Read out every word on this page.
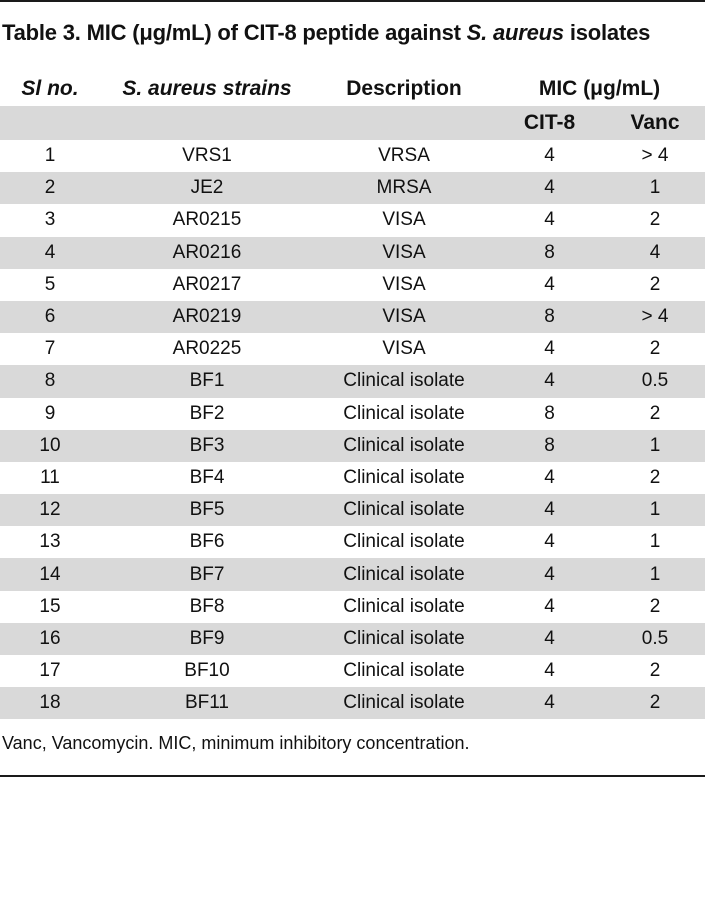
Table 3. MIC (μg/mL) of CIT-8 peptide against S. aureus isolates
Sl no.	S. aureus strains	Description	MIC (μg/mL)	
			CIT-8	Vanc
1	VRS1	VRSA	4	> 4
2	JE2	MRSA	4	1
3	AR0215	VISA	4	2
4	AR0216	VISA	8	4
5	AR0217	VISA	4	2
6	AR0219	VISA	8	> 4
7	AR0225	VISA	4	2
8	BF1	Clinical isolate	4	0.5
9	BF2	Clinical isolate	8	2
10	BF3	Clinical isolate	8	1
11	BF4	Clinical isolate	4	2
12	BF5	Clinical isolate	4	1
13	BF6	Clinical isolate	4	1
14	BF7	Clinical isolate	4	1
15	BF8	Clinical isolate	4	2
16	BF9	Clinical isolate	4	0.5
17	BF10	Clinical isolate	4	2
18	BF11	Clinical isolate	4	2
Vanc, Vancomycin. MIC, minimum inhibitory concentration.
